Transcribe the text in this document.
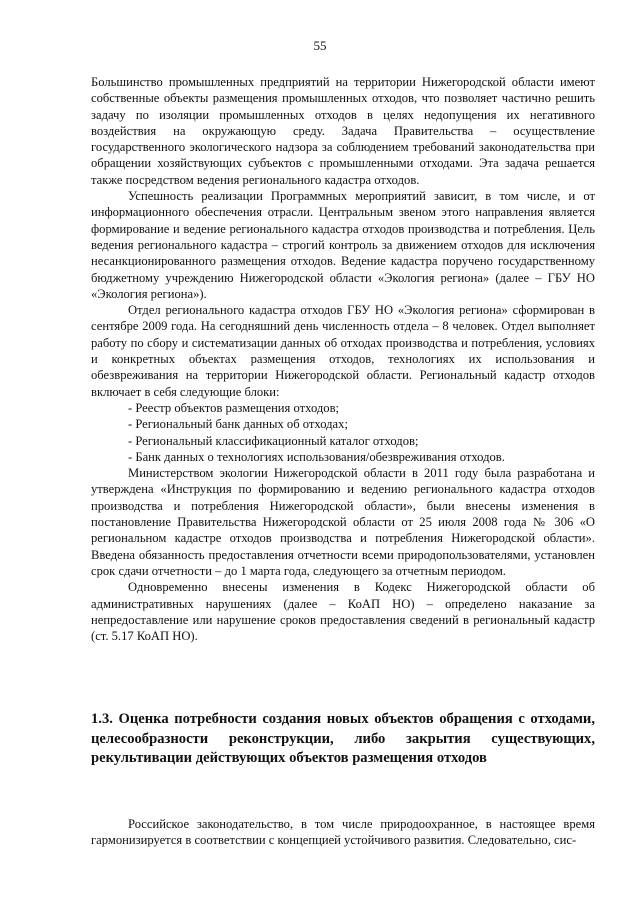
55

Большинство промышленных предприятий на территории Нижегородской области имеют собственные объекты размещения промышленных отходов, что позволяет частично решить задачу по изоляции промышленных отходов в целях недопущения их негативного воздействия на окружающую среду. Задача Правительства – осуществление государственного экологического надзора за соблюдением требований законодательства при обращении хозяйствующих субъектов с промышленными отходами. Эта задача решается также посредством ведения регионального кадастра отходов.

Успешность реализации Программных мероприятий зависит, в том числе, и от информационного обеспечения отрасли. Центральным звеном этого направления является формирование и ведение регионального кадастра отходов производства и потребления. Цель ведения регионального кадастра – строгий контроль за движением отходов для исключения несанкционированного размещения отходов. Ведение кадастра поручено государственному бюджетному учреждению Нижегородской области «Экология региона» (далее – ГБУ НО «Экология региона»).

Отдел регионального кадастра отходов ГБУ НО «Экология региона» сформирован в сентябре 2009 года. На сегодняшний день численность отдела – 8 человек. Отдел выполняет работу по сбору и систематизации данных об отходах производства и потребления, условиях и конкретных объектах размещения отходов, технологиях их использования и обезвреживания на территории Нижегородской области. Региональный кадастр отходов включает в себя следующие блоки:

- Реестр объектов размещения отходов;

- Региональный банк данных об отходах;

- Региональный классификационный каталог отходов;

- Банк данных о технологиях использования/обезвреживания отходов.

Министерством экологии Нижегородской области в 2011 году была разработана и утверждена «Инструкция по формированию и ведению регионального кадастра отходов производства и потребления Нижегородской области», были внесены изменения в постановление Правительства Нижегородской области от 25 июля 2008 года № 306 «О региональном кадастре отходов производства и потребления Нижегородской области». Введена обязанность предоставления отчетности всеми природопользователями, установлен срок сдачи отчетности – до 1 марта года, следующего за отчетным периодом.

Одновременно внесены изменения в Кодекс Нижегородской области об административных нарушениях (далее – КоАП НО) – определено наказание за непредоставление или нарушение сроков предоставления сведений в региональный кадастр (ст. 5.17 КоАП НО).

1.3. Оценка потребности создания новых объектов обращения с отходами, целесообразности реконструкции, либо закрытия существующих, рекультивации действующих объектов размещения отходов

Российское законодательство, в том числе природоохранное, в настоящее время гармонизируется в соответствии с концепцией устойчивого развития. Следовательно, сис-
